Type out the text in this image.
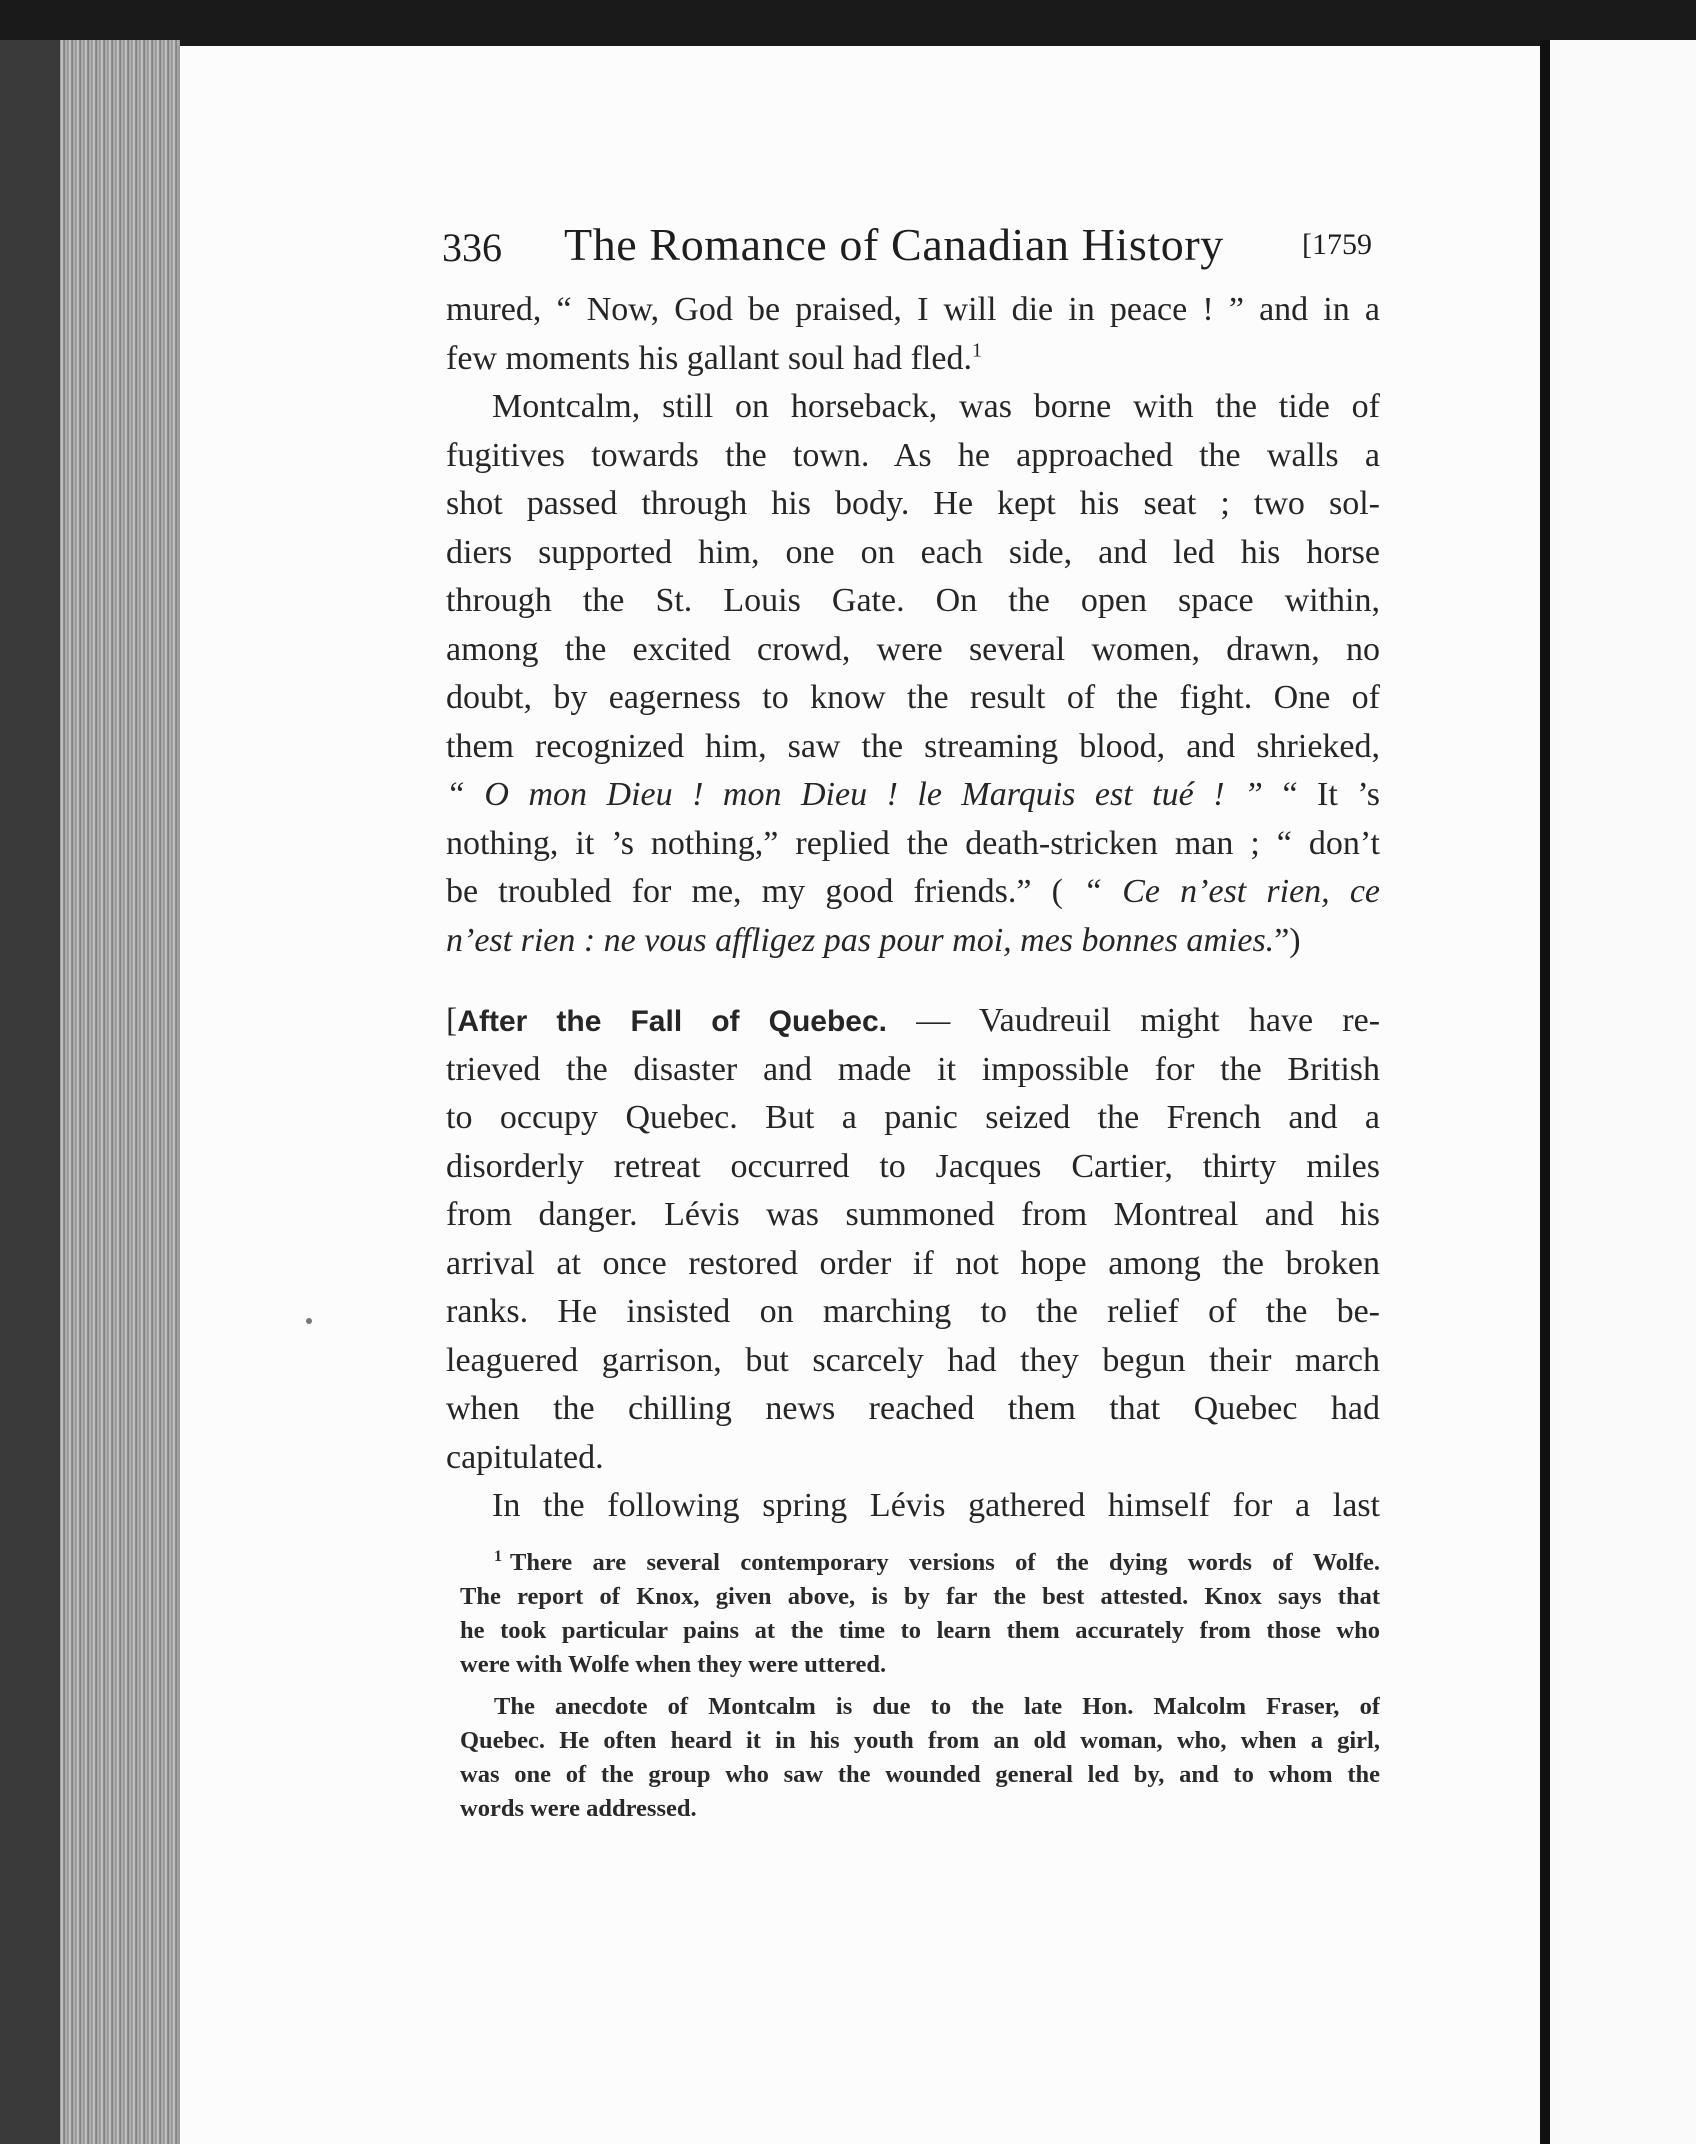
336 The Romance of Canadian History	[1759
mured, “ Now, God be praised, I will die in peace ! ” and in a
few moments his gallant soul had fled.$^1$
Montcalm, still on horseback, was borne with the tide of
fugitives towards the town. As he approached the walls a
shot passed through his body. He kept his seat ; two sol-
diers supported him, one on each side, and led his horse
through the St. Louis Gate. On the open space within,
among the excited crowd, were several women, drawn, no
doubt, by eagerness to know the result of the fight. One of
them recognized him, saw the streaming blood, and shrieked,
“ O mon Dieu ! mon Dieu ! le Marquis est tué ! ” “ It ’s
nothing, it ’s nothing,” replied the death-stricken man ; “ don’t
be troubled for me, my good friends.” ( “ Ce n’est rien, ce
n’est rien : ne vous affligez pas pour moi, mes bonnes amies.”)
[After the Fall of Quebec. — Vaudreuil might have re-
trieved the disaster and made it impossible for the British
to occupy Quebec. But a panic seized the French and a
disorderly retreat occurred to Jacques Cartier, thirty miles
from danger. Lévis was summoned from Montreal and his
arrival at once restored order if not hope among the broken
ranks. He insisted on marching to the relief of the be-
leaguered garrison, but scarcely had they begun their march
when the chilling news reached them that Quebec had
capitulated.
In the following spring Lévis gathered himself for a last
$^1$ There are several contemporary versions of the dying words of Wolfe.
The report of Knox, given above, is by far the best attested. Knox says that
he took particular pains at the time to learn them accurately from those who
were with Wolfe when they were uttered.
The anecdote of Montcalm is due to the late Hon. Malcolm Fraser, of
Quebec. He often heard it in his youth from an old woman, who, when a girl,
was one of the group who saw the wounded general led by, and to whom the
words were addressed.
